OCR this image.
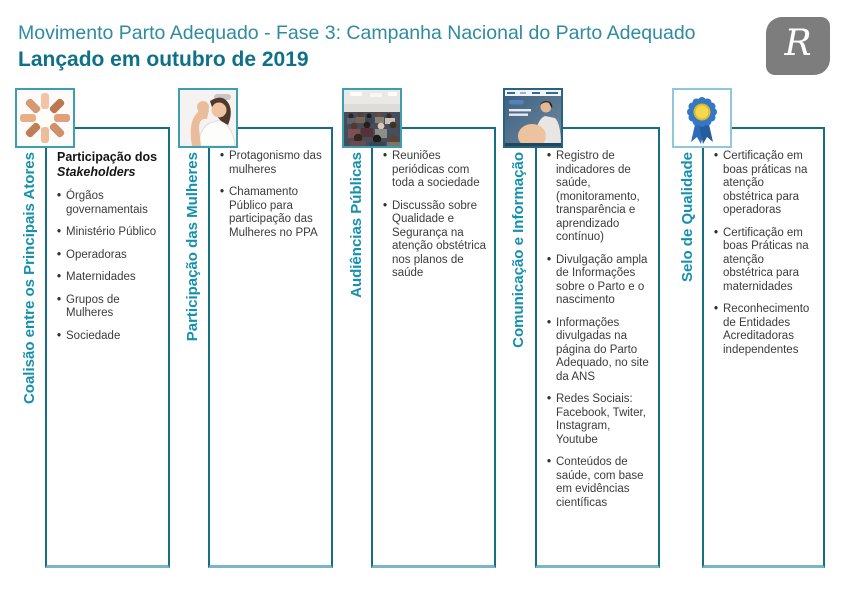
Movimento Parto Adequado - Fase 3: Campanha Nacional do Parto Adequado
Lançado em outubro de 2019	R
Coalisão entre os Principais Atores	Participação dos
Stakeholders
• Órgãos governamentais
• Ministério Público
• Operadoras
• Maternidades
• Grupos de Mulheres
• Sociedade	Participação das Mulheres	• Protagonismo das mulheres
• Chamamento Público para participação das Mulheres no PPA	Audiências Públicas	• Reuniões periódicas com toda a sociedade
• Discussão sobre Qualidade e Segurança na atenção obstétrica nos planos de saúde	Comunicação e Informação	• Registro de indicadores de saúde, (monitoramento, transparência e aprendizado contínuo)
• Divulgação ampla de Informações sobre o Parto e o nascimento
• Informações divulgadas na página do Parto Adequado, no site da ANS
• Redes Sociais: Facebook, Twiter, Instagram, Youtube
• Conteúdos de saúde, com base em evidências científicas
Selo de Qualidade	• Certificação em boas práticas na atenção obstétrica para operadoras
• Certificação em boas Práticas na atenção obstétrica para maternidades
• Reconhecimento de Entidades Acreditadoras independentes
